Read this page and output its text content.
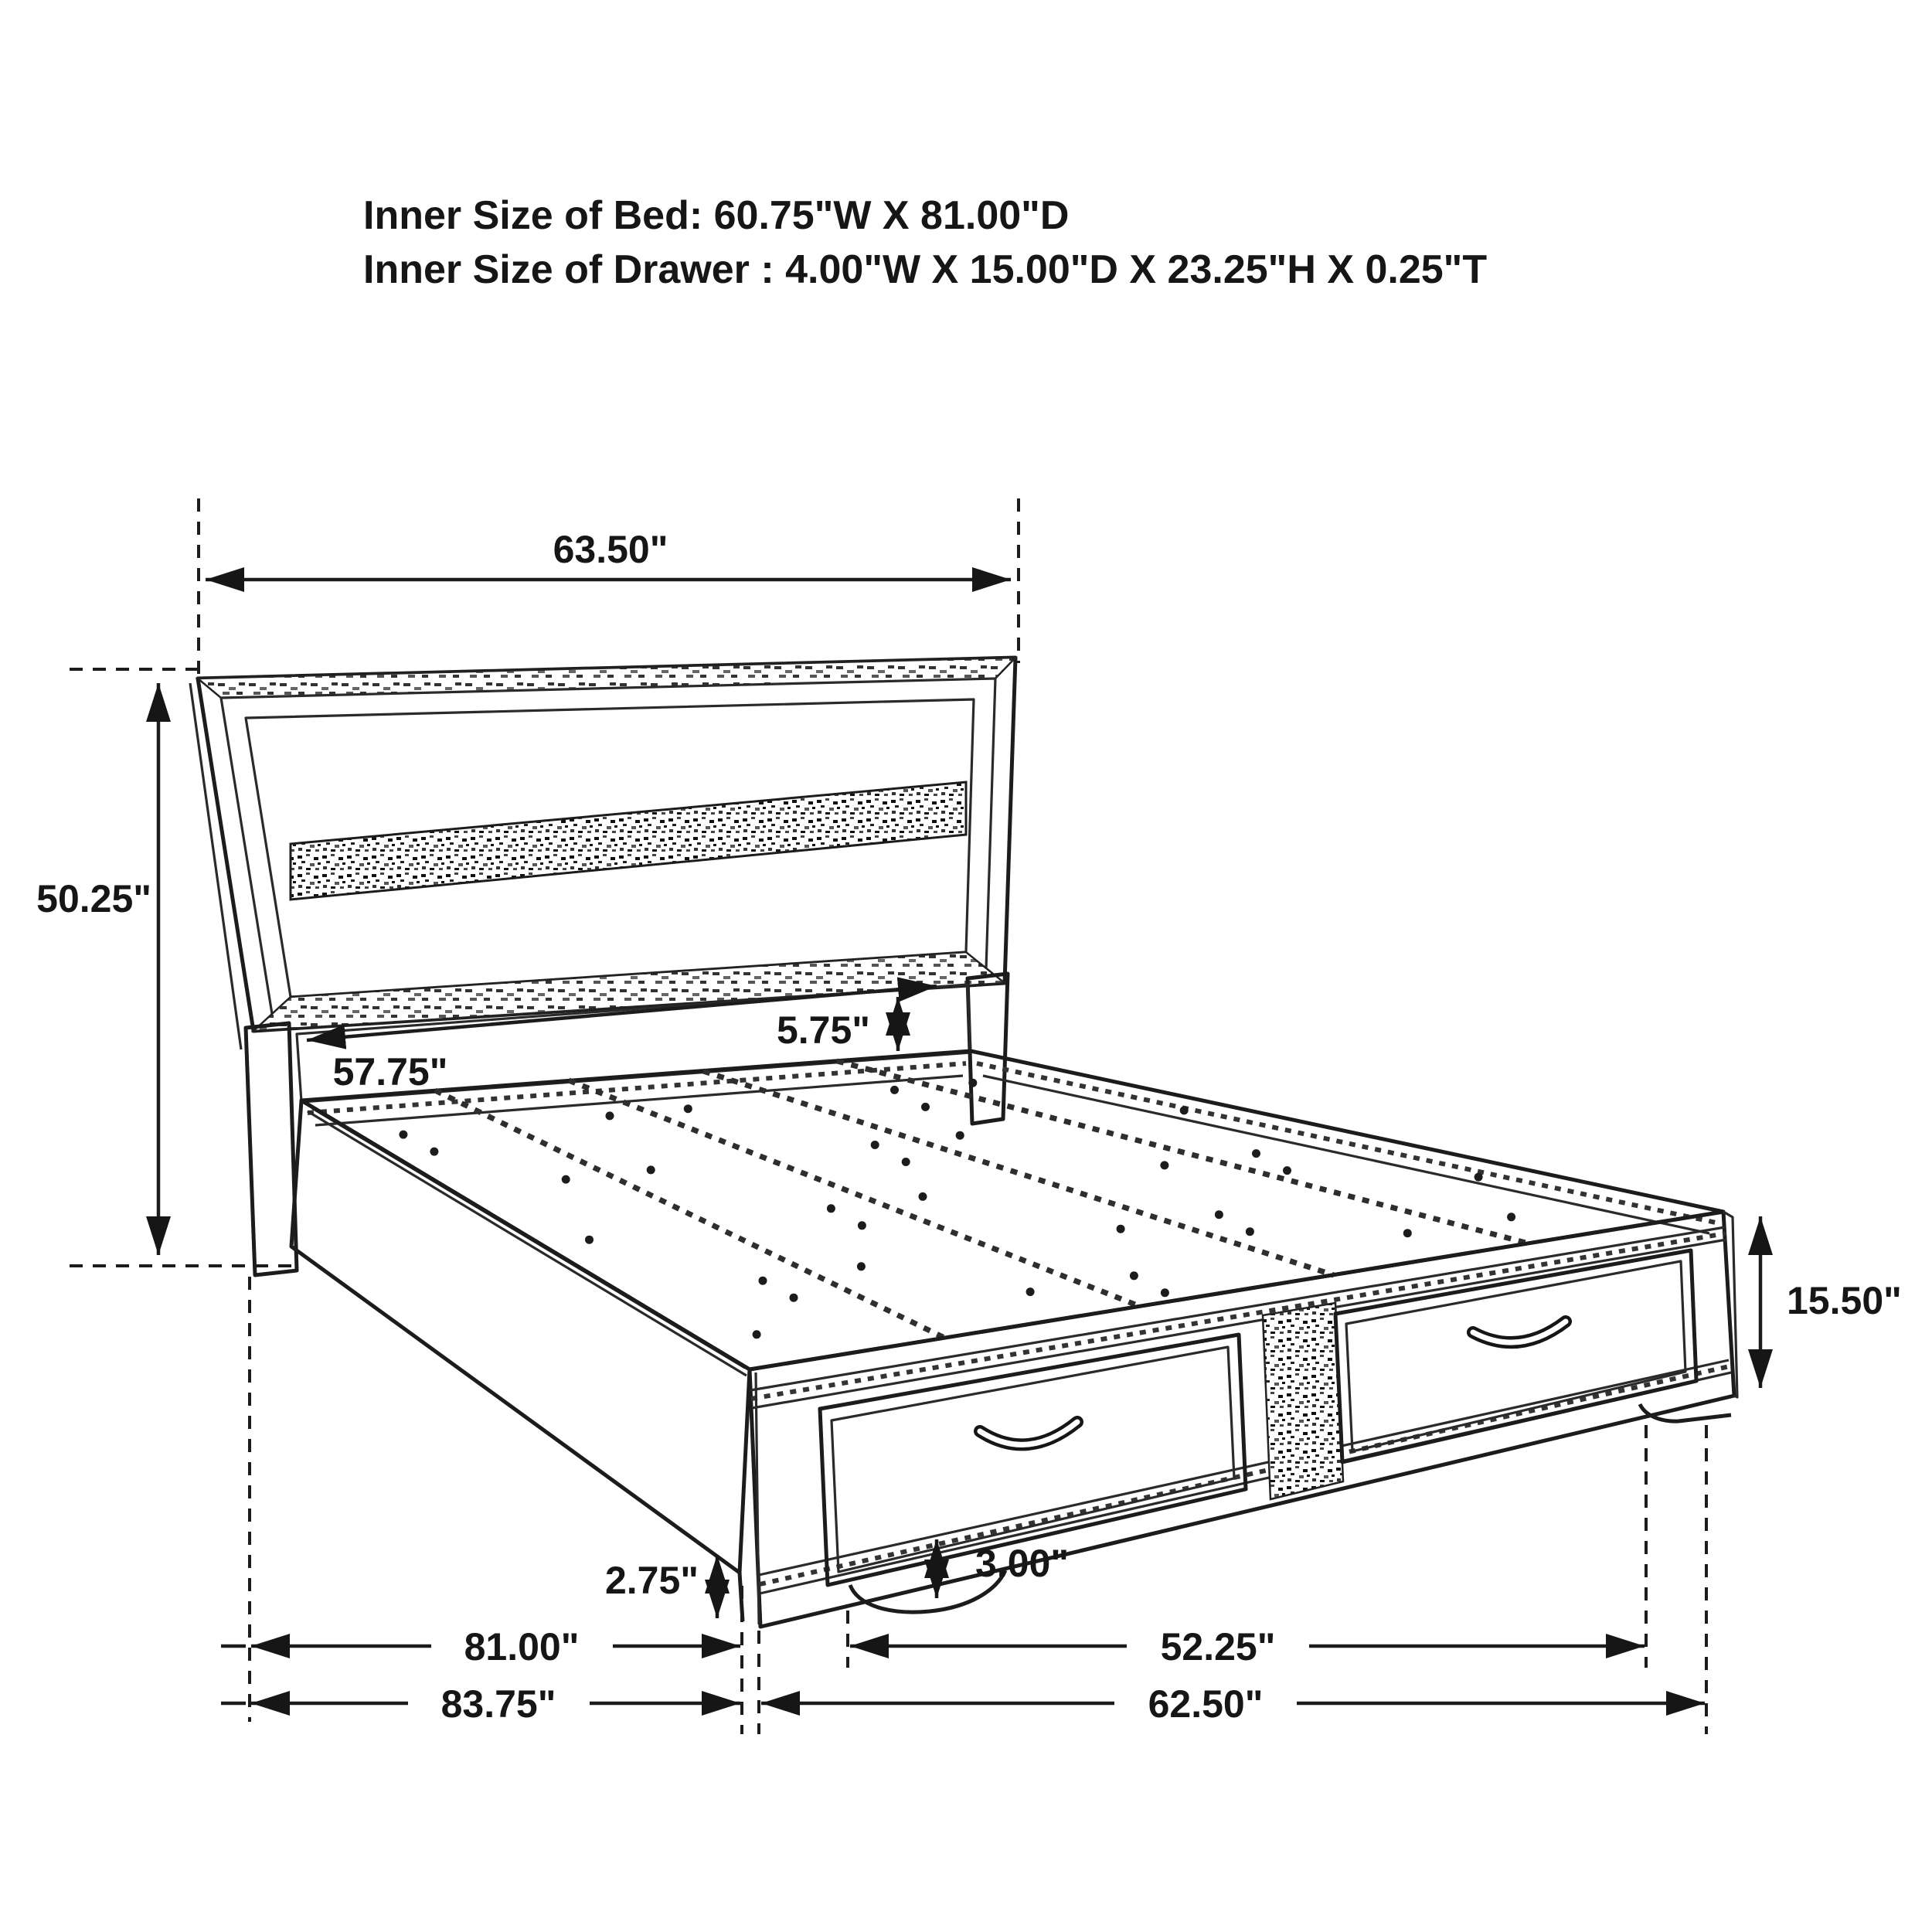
Inner Size of Bed: 60.75"W X 81.00"D
Inner Size of Drawer : 4.00"W X 15.00"D X 23.25"H X 0.25"T
63.50"
50.25"
57.75"
5.75"
15.50"
2.75"	3.00"
81.00"	52.25"
83.75"	62.50"
